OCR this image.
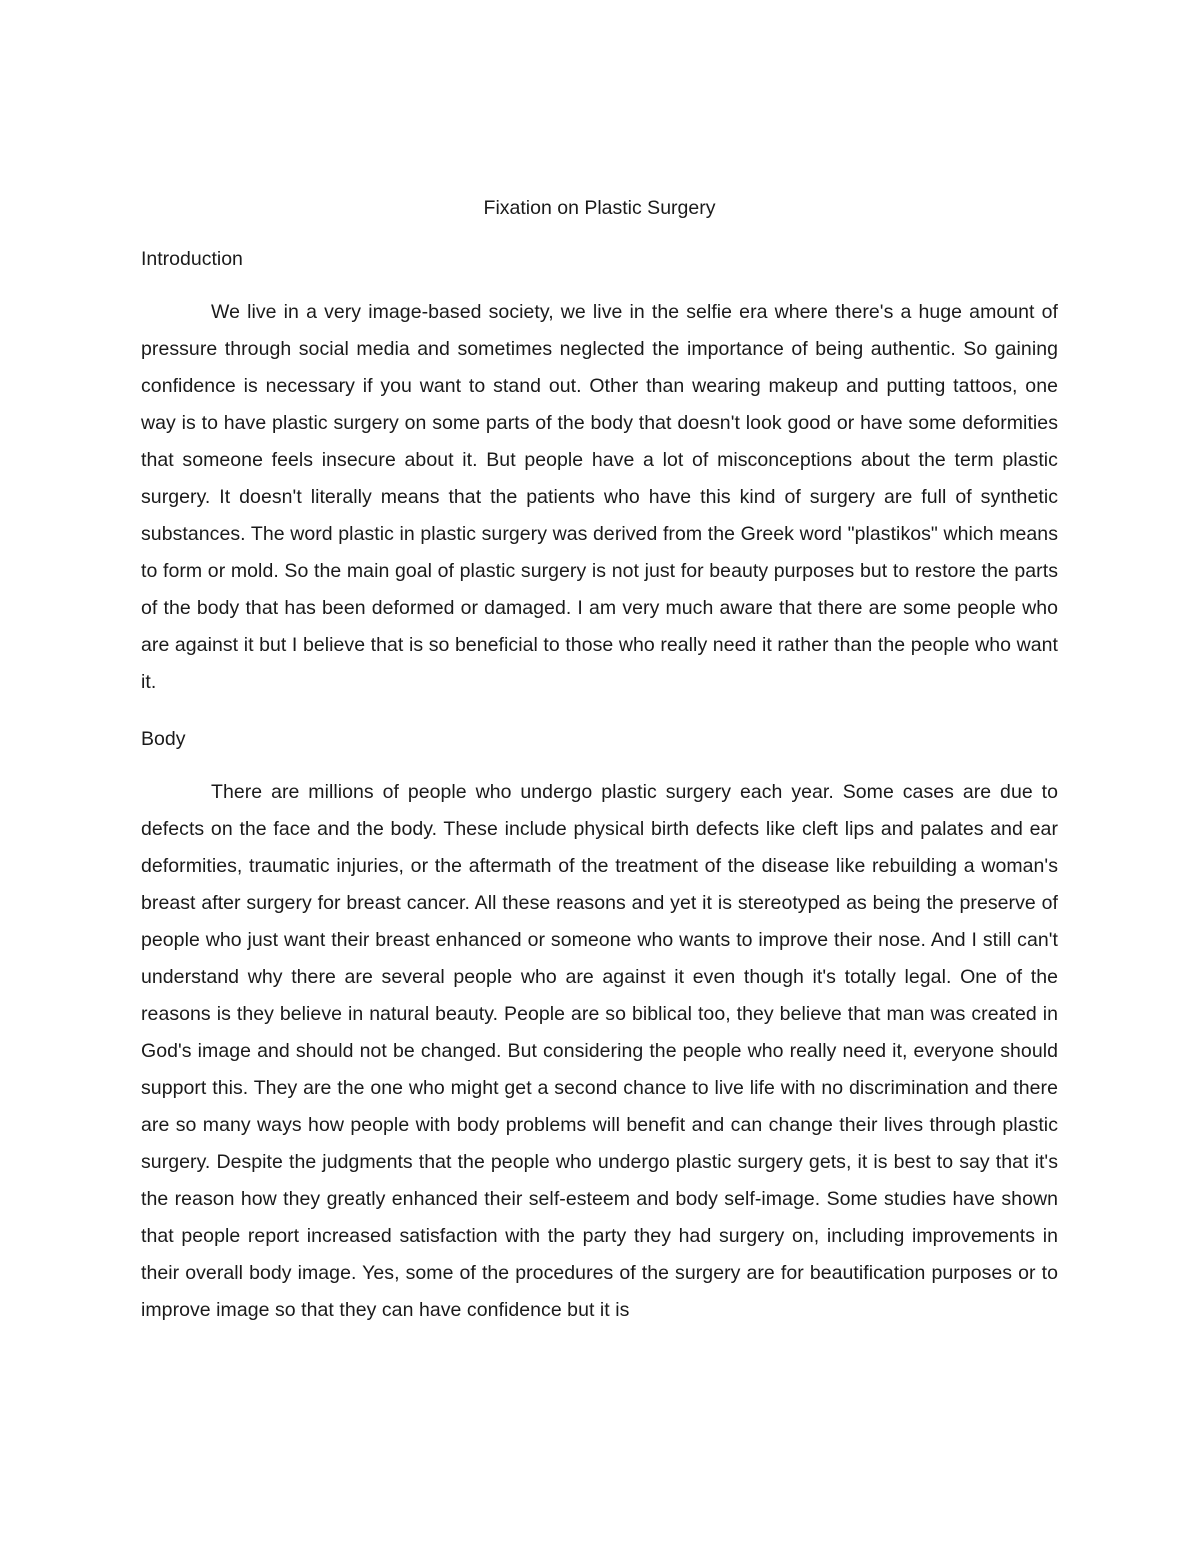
Fixation on Plastic Surgery
Introduction

We live in a very image-based society, we live in the selfie era where there's a huge amount of pressure through social media and sometimes neglected the importance of being authentic. So gaining confidence is necessary if you want to stand out. Other than wearing makeup and putting tattoos, one way is to have plastic surgery on some parts of the body that doesn't look good or have some deformities that someone feels insecure about it. But people have a lot of misconceptions about the term plastic surgery. It doesn't literally means that the patients who have this kind of surgery are full of synthetic substances. The word plastic in plastic surgery was derived from the Greek word "plastikos" which means to form or mold. So the main goal of plastic surgery is not just for beauty purposes but to restore the parts of the body that has been deformed or damaged. I am very much aware that there are some people who are against it but I believe that is so beneficial to those who really need it rather than the people who want it.

Body

There are millions of people who undergo plastic surgery each year. Some cases are due to defects on the face and the body. These include physical birth defects like cleft lips and palates and ear deformities, traumatic injuries, or the aftermath of the treatment of the disease like rebuilding a woman's breast after surgery for breast cancer. All these reasons and yet it is stereotyped as being the preserve of people who just want their breast enhanced or someone who wants to improve their nose. And I still can't understand why there are several people who are against it even though it's totally legal. One of the reasons is they believe in natural beauty. People are so biblical too, they believe that man was created in God's image and should not be changed. But considering the people who really need it, everyone should support this. They are the one who might get a second chance to live life with no discrimination and there are so many ways how people with body problems will benefit and can change their lives through plastic surgery. Despite the judgments that the people who undergo plastic surgery gets, it is best to say that it's the reason how they greatly enhanced their self-esteem and body self-image. Some studies have shown that people report increased satisfaction with the party they had surgery on, including improvements in their overall body image. Yes, some of the procedures of the surgery are for beautification purposes or to improve image so that they can have confidence but it is
